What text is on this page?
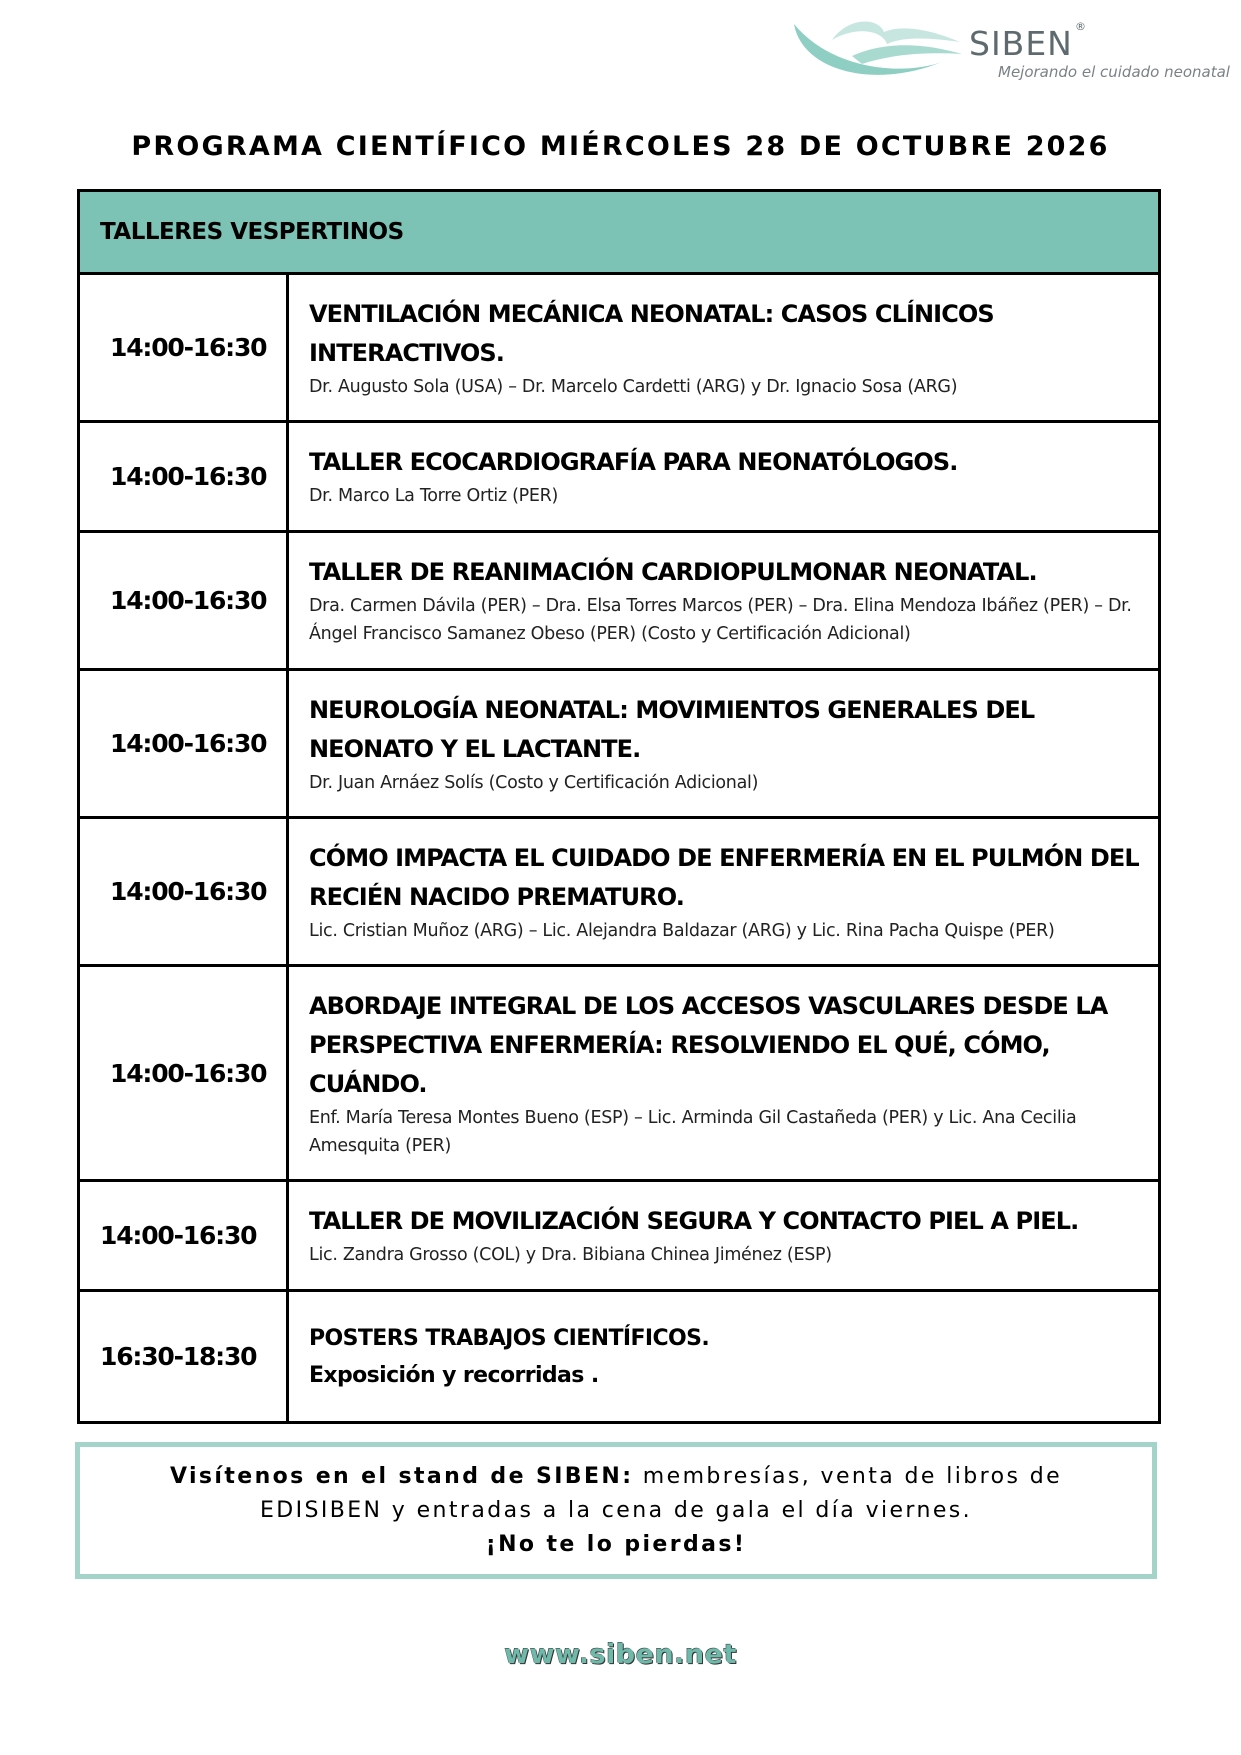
SIBEN ®
Mejorando el cuidado neonatal
PROGRAMA CIENTÍFICO MIÉRCOLES 28 DE OCTUBRE 2026
TALLERES VESPERTINOS
14:00-16:30
VENTILACIÓN MECÁNICA NEONATAL: CASOS CLÍNICOS INTERACTIVOS.
Dr. Augusto Sola (USA) – Dr. Marcelo Cardetti (ARG) y Dr. Ignacio Sosa (ARG)
14:00-16:30	TALLER ECOCARDIOGRAFÍA PARA NEONATÓLOGOS.
Dr. Marco La Torre Ortiz (PER)
14:00-16:30
TALLER DE REANIMACIÓN CARDIOPULMONAR NEONATAL.
Dra. Carmen Dávila (PER) – Dra. Elsa Torres Marcos (PER) – Dra. Elina Mendoza Ibáñez (PER) – Dr. Ángel Francisco Samanez Obeso (PER) (Costo y Certificación Adicional)
14:00-16:30
NEUROLOGÍA NEONATAL: MOVIMIENTOS GENERALES DEL NEONATO Y EL LACTANTE.
Dr. Juan Arnáez Solís (Costo y Certificación Adicional)
14:00-16:30
CÓMO IMPACTA EL CUIDADO DE ENFERMERÍA EN EL PULMÓN DEL RECIÉN NACIDO PREMATURO.
Lic. Cristian Muñoz (ARG) – Lic. Alejandra Baldazar (ARG) y Lic. Rina Pacha Quispe (PER)
14:00-16:30
ABORDAJE INTEGRAL DE LOS ACCESOS VASCULARES DESDE LA PERSPECTIVA ENFERMERÍA: RESOLVIENDO EL QUÉ, CÓMO, CUÁNDO.
Enf. María Teresa Montes Bueno (ESP) – Lic. Arminda Gil Castañeda (PER) y Lic. Ana Cecilia Amesquita (PER)
14:00-16:30	TALLER DE MOVILIZACIÓN SEGURA Y CONTACTO PIEL A PIEL.
Lic. Zandra Grosso (COL) y Dra. Bibiana Chinea Jiménez (ESP)
16:30-18:30
POSTERS TRABAJOS CIENTÍFICOS.
Exposición y recorridas .
Visítenos en el stand de SIBEN: membresías, venta de libros de
EDISIBEN y entradas a la cena de gala el día viernes.
¡No te lo pierdas!
www.siben.net
